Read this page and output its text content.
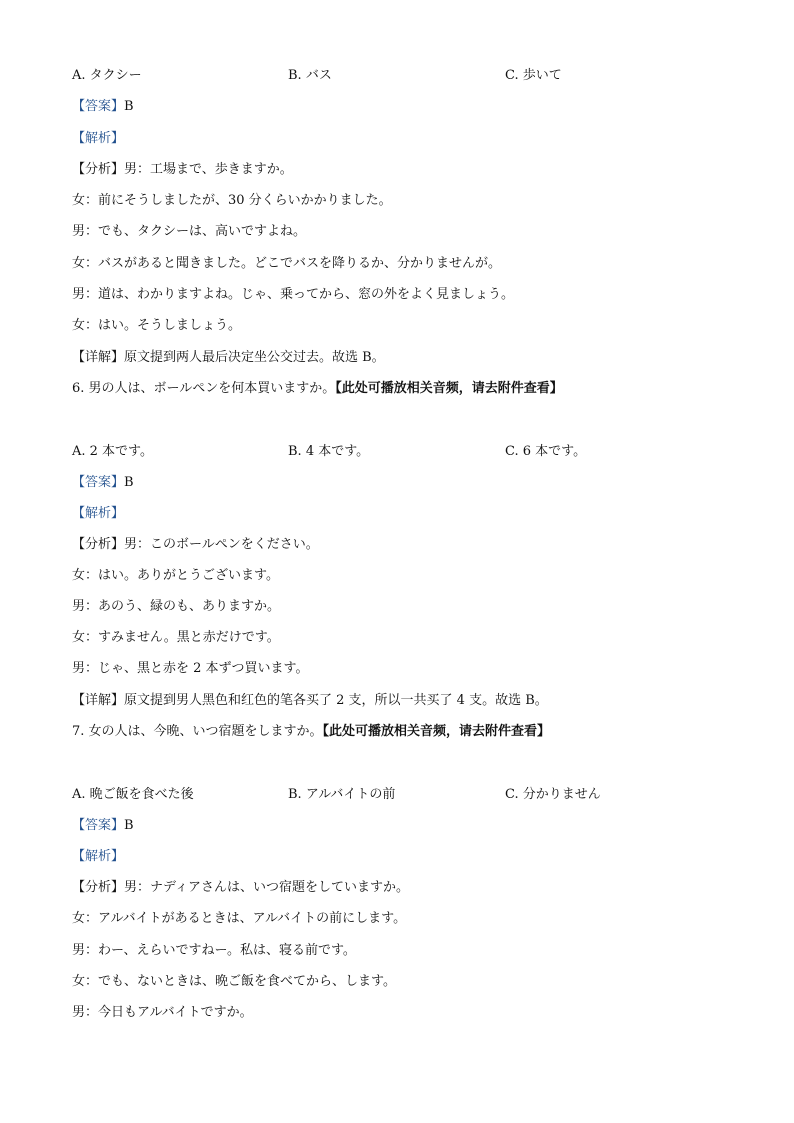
A. タクシー	B. バス	C. 歩いて
【答案】B
【解析】
【分析】男：工場まで、歩きますか。
女：前にそうしましたが、30 分くらいかかりました。
男：でも、タクシーは、高いですよね。
女：バスがあると聞きました。どこでバスを降りるか、分かりませんが。
男：道は、わかりますよね。じゃ、乗ってから、窓の外をよく見ましょう。
女：はい。そうしましょう。
【详解】原文提到两人最后决定坐公交过去。故选 B。
6. 男の人は、ボールペンを何本買いますか。【此处可播放相关音频，请去附件查看】
A. 2 本です。	B. 4 本です。	C. 6 本です。
【答案】B
【解析】
【分析】男：このボールペンをください。
女：はい。ありがとうございます。
男：あのう、緑のも、ありますか。
女：すみません。黒と赤だけです。
男：じゃ、黒と赤を 2 本ずつ買います。
【详解】原文提到男人黑色和红色的笔各买了 2 支，所以一共买了 4 支。故选 B。
7. 女の人は、今晩、いつ宿題をしますか。【此处可播放相关音频，请去附件查看】
A. 晩ご飯を食べた後	B. アルバイトの前	C. 分かりません
【答案】B
【解析】
【分析】男：ナディアさんは、いつ宿題をしていますか。
女：アルバイトがあるときは、アルバイトの前にします。
男：わー、えらいですねー。私は、寝る前です。
女：でも、ないときは、晩ご飯を食べてから、します。
男：今日もアルバイトですか。
